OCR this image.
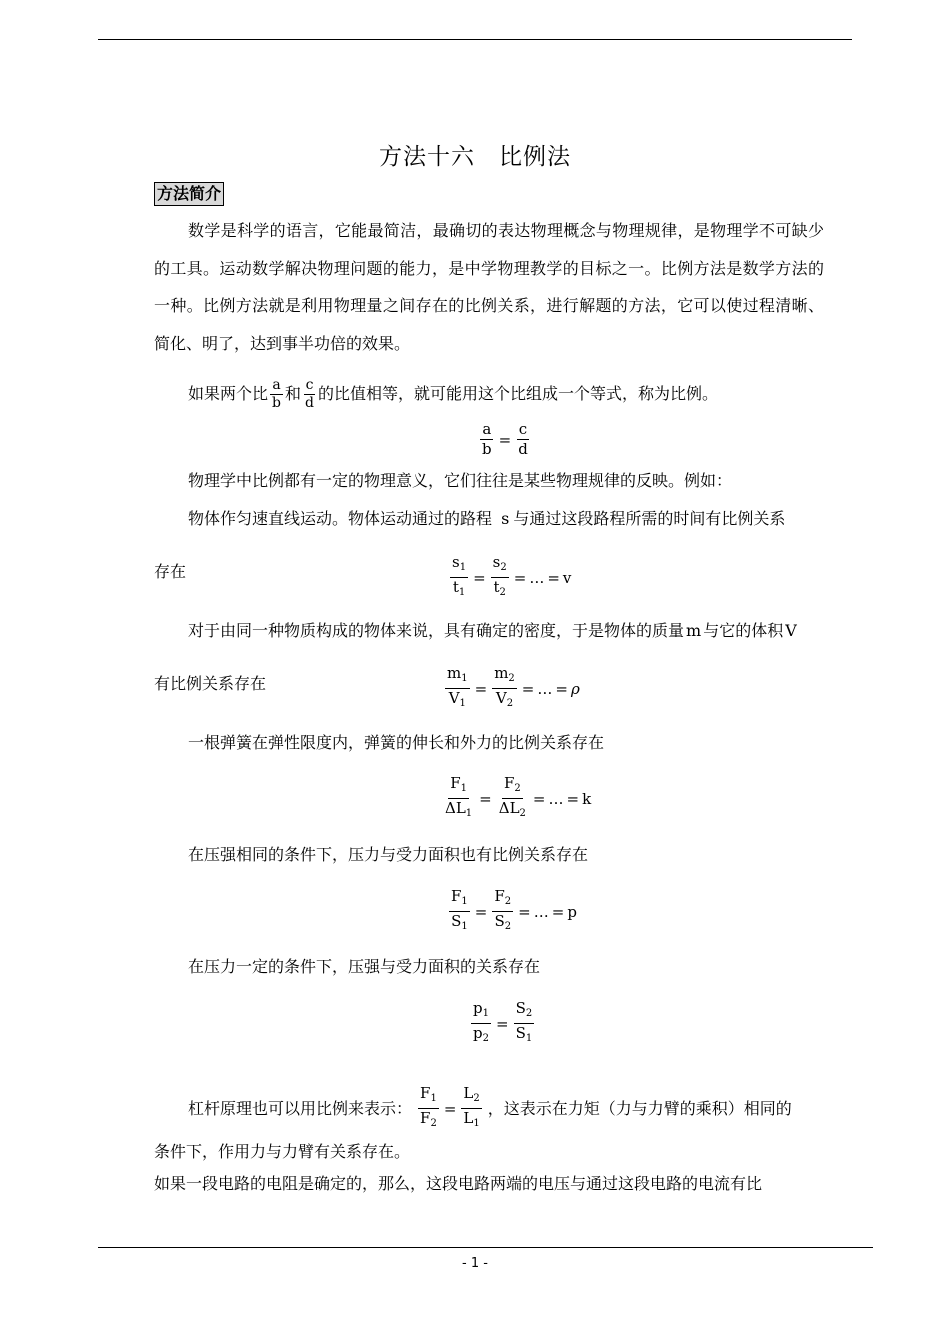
方法十六 比例法
方法简介
数学是科学的语言，它能最简洁，最确切的表达物理概念与物理规律，是物理学不可缺少的工具。运动数学解决物理问题的能力，是中学物理教学的目标之一。比例方法是数学方法的一种。比例方法就是利用物理量之间存在的比例关系，进行解题的方法，它可以使过程清晰、简化、明了，达到事半功倍的效果。
如果两个比 $\frac{a}{b}$ 和 $\frac{c}{d}$ 的比值相等，就可能用这个比组成一个等式，称为比例。
$\frac{a}{b} = \frac{c}{d}$
物理学中比例都有一定的物理意义，它们往往是某些物理规律的反映。例如：
物体作匀速直线运动。物体运动通过的路程 s 与通过这段路程所需的时间有比例关系
存在	$\frac{s_1}{t_1} = \frac{s_2}{t_2}$ = … = v
对于由同一种物质构成的物体来说，具有确定的密度，于是物体的质量 m 与它的体积 V
有比例关系存在	$\frac{m_1}{V_1} = \frac{m_2}{V_2}$ = … = ρ
一根弹簧在弹性限度内，弹簧的伸长和外力的比例关系存在
$\frac{F_1}{\Delta L_1} = \frac{F_2}{\Delta L_2}$ = … = k
在压强相同的条件下，压力与受力面积也有比例关系存在
$\frac{F_1}{S_1} = \frac{F_2}{S_2}$ = … = p
在压力一定的条件下，压强与受力面积的关系存在
$\frac{p_1}{p_2} = \frac{S_2}{S_1}$
杠杆原理也可以用比例来表示： $\frac{F_1}{F_2} = \frac{L_2}{L_1}$ ，这表示在力矩（力与力臂的乘积）相同的
条件下，作用力与力臂有关系存在。
如果一段电路的电阻是确定的，那么，这段电路两端的电压与通过这段电路的电流有比
- 1 -
